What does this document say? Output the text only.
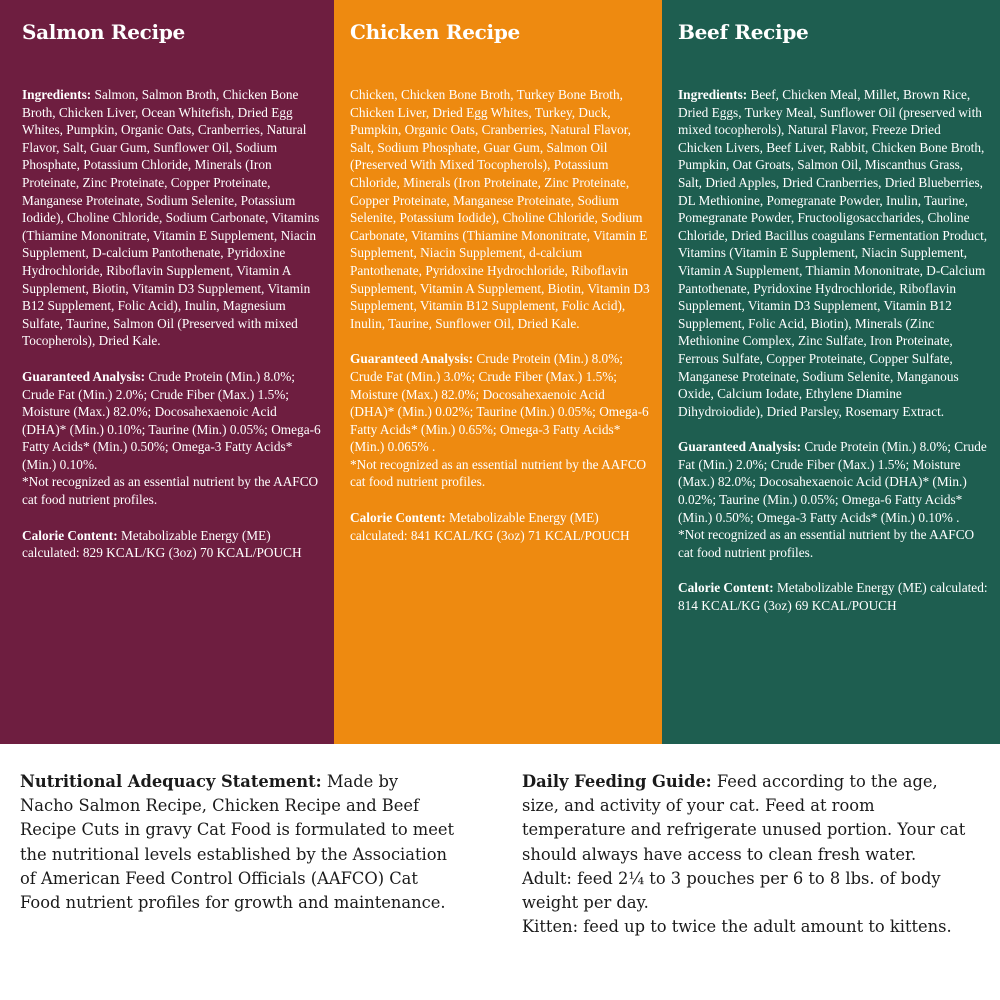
Salmon Recipe

Ingredients: Salmon, Salmon Broth, Chicken Bone Broth, Chicken Liver, Ocean Whitefish, Dried Egg Whites, Pumpkin, Organic Oats, Cranberries, Natural Flavor, Salt, Guar Gum, Sunflower Oil, Sodium Phosphate, Potassium Chloride, Minerals (Iron Proteinate, Zinc Proteinate, Copper Proteinate, Manganese Proteinate, Sodium Selenite, Potassium Iodide), Choline Chloride, Sodium Carbonate, Vitamins (Thiamine Mononitrate, Vitamin E Supplement, Niacin Supplement, D-calcium Pantothenate, Pyridoxine Hydrochloride, Riboflavin Supplement, Vitamin A Supplement, Biotin, Vitamin D3 Supplement, Vitamin B12 Supplement, Folic Acid), Inulin, Magnesium Sulfate, Taurine, Salmon Oil (Preserved with mixed Tocopherols), Dried Kale.

Guaranteed Analysis: Crude Protein (Min.) 8.0%; Crude Fat (Min.) 2.0%; Crude Fiber (Max.) 1.5%; Moisture (Max.) 82.0%; Docosahexaenoic Acid (DHA)* (Min.) 0.10%; Taurine (Min.) 0.05%; Omega-6 Fatty Acids* (Min.) 0.50%; Omega-3 Fatty Acids* (Min.) 0.10%.

*Not recognized as an essential nutrient by the AAFCO cat food nutrient profiles.

Calorie Content: Metabolizable Energy (ME) calculated: 829 KCAL/KG (3oz) 70 KCAL/POUCH

Chicken Recipe

Chicken, Chicken Bone Broth, Turkey Bone Broth, Chicken Liver, Dried Egg Whites, Turkey, Duck, Pumpkin, Organic Oats, Cranberries, Natural Flavor, Salt, Sodium Phosphate, Guar Gum, Salmon Oil (Preserved With Mixed Tocopherols), Potassium Chloride, Minerals (Iron Proteinate, Zinc Proteinate, Copper Proteinate, Manganese Proteinate, Sodium Selenite, Potassium Iodide), Choline Chloride, Sodium Carbonate, Vitamins (Thiamine Mononitrate, Vitamin E Supplement, Niacin Supplement, d-calcium Pantothenate, Pyridoxine Hydrochloride, Riboflavin Supplement, Vitamin A Supplement, Biotin, Vitamin D3 Supplement, Vitamin B12 Supplement, Folic Acid), Inulin, Taurine, Sunflower Oil, Dried Kale.

Guaranteed Analysis: Crude Protein (Min.) 8.0%; Crude Fat (Min.) 3.0%; Crude Fiber (Max.) 1.5%; Moisture (Max.) 82.0%; Docosahexaenoic Acid (DHA)* (Min.) 0.02%; Taurine (Min.) 0.05%; Omega-6 Fatty Acids* (Min.) 0.65%; Omega-3 Fatty Acids* (Min.) 0.065% .

*Not recognized as an essential nutrient by the AAFCO cat food nutrient profiles.

Calorie Content: Metabolizable Energy (ME) calculated: 841 KCAL/KG (3oz) 71 KCAL/POUCH

Beef Recipe

Ingredients: Beef, Chicken Meal, Millet, Brown Rice, Dried Eggs, Turkey Meal, Sunflower Oil (preserved with mixed tocopherols), Natural Flavor, Freeze Dried Chicken Livers, Beef Liver, Rabbit, Chicken Bone Broth, Pumpkin, Oat Groats, Salmon Oil, Miscanthus Grass, Salt, Dried Apples, Dried Cranberries, Dried Blueberries, DL Methionine, Pomegranate Powder, Inulin, Taurine, Pomegranate Powder, Fructooligosaccharides, Choline Chloride, Dried Bacillus coagulans Fermentation Product, Vitamins (Vitamin E Supplement, Niacin Supplement, Vitamin A Supplement, Thiamin Mononitrate, D-Calcium Pantothenate, Pyridoxine Hydrochloride, Riboflavin Supplement, Vitamin D3 Supplement, Vitamin B12 Supplement, Folic Acid, Biotin), Minerals (Zinc Methionine Complex, Zinc Sulfate, Iron Proteinate, Ferrous Sulfate, Copper Proteinate, Copper Sulfate, Manganese Proteinate, Sodium Selenite, Manganous Oxide, Calcium Iodate, Ethylene Diamine Dihydroiodide), Dried Parsley, Rosemary Extract.

Guaranteed Analysis: Crude Protein (Min.) 8.0%; Crude Fat (Min.) 2.0%; Crude Fiber (Max.) 1.5%; Moisture (Max.) 82.0%; Docosahexaenoic Acid (DHA)* (Min.) 0.02%; Taurine (Min.) 0.05%; Omega-6 Fatty Acids* (Min.) 0.50%; Omega-3 Fatty Acids* (Min.) 0.10% .

*Not recognized as an essential nutrient by the AAFCO cat food nutrient profiles.

Calorie Content: Metabolizable Energy (ME) calculated: 814 KCAL/KG (3oz) 69 KCAL/POUCH

Nutritional Adequacy Statement: Made by Nacho Salmon Recipe, Chicken Recipe and Beef Recipe Cuts in gravy Cat Food is formulated to meet the nutritional levels established by the Association of American Feed Control Officials (AAFCO) Cat Food nutrient profiles for growth and maintenance.
Daily Feeding Guide: Feed according to the age, size, and activity of your cat. Feed at room temperature and refrigerate unused portion. Your cat should always have access to clean fresh water.
Adult: feed 2¼ to 3 pouches per 6 to 8 lbs. of body weight per day.
Kitten: feed up to twice the adult amount to kittens.
